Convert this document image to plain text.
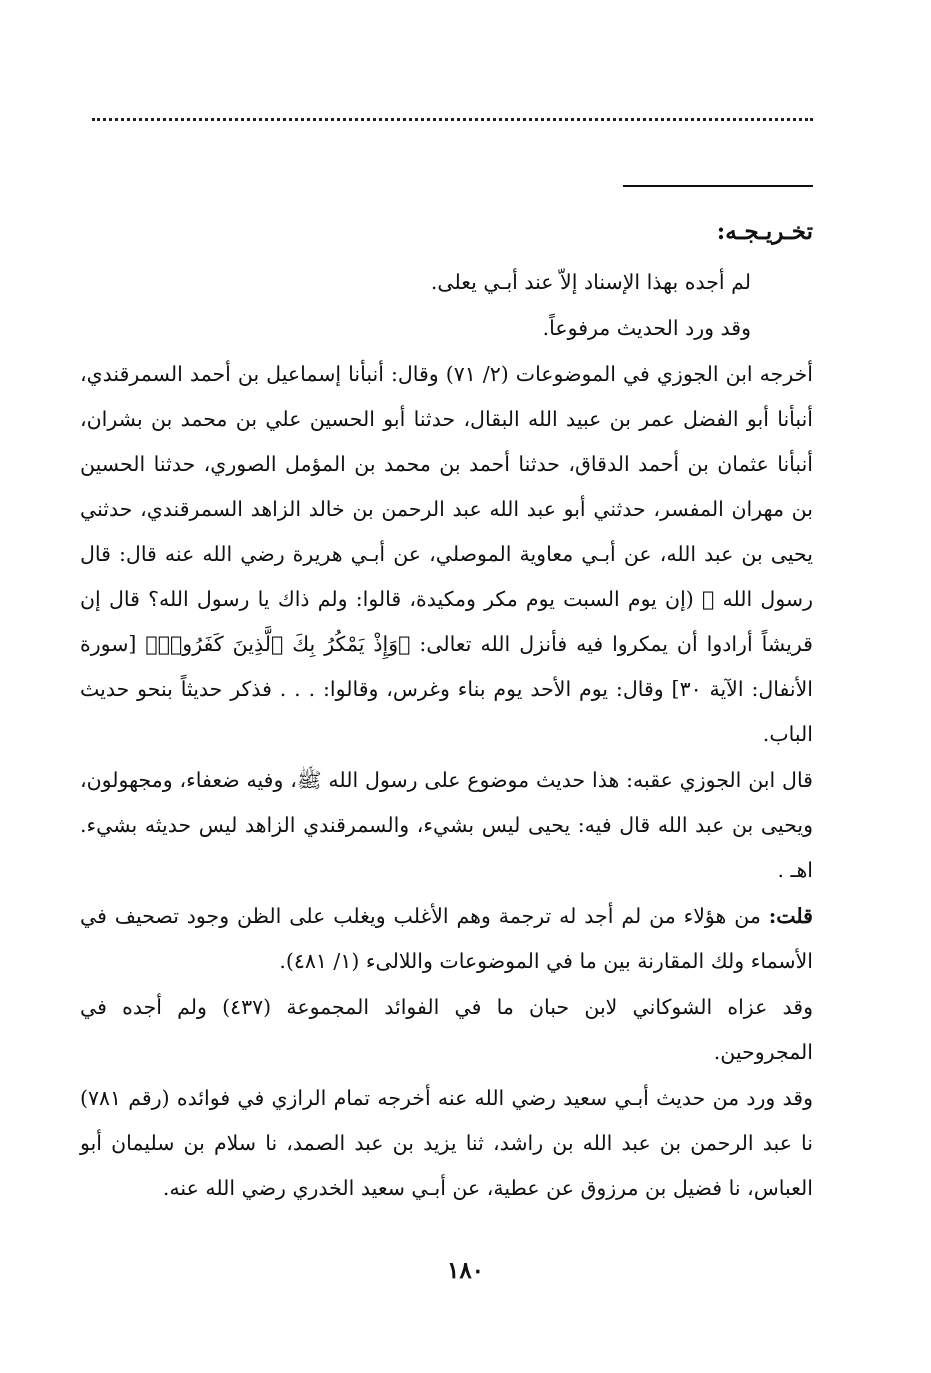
تخـريـجـه:

لم أجده بهذا الإسناد إلاّ عند أبـي يعلى.

وقد ورد الحديث مرفوعاً.

أخرجه ابن الجوزي في الموضوعات (٢/ ٧١) وقال: أنبأنا إسماعيل بن أحمد السمرقندي، أنبأنا أبو الفضل عمر بن عبيد الله البقال، حدثنا أبو الحسين علي بن محمد بن بشران، أنبأنا عثمان بن أحمد الدقاق، حدثنا أحمد بن محمد بن المؤمل الصوري، حدثنا الحسين بن مهران المفسر، حدثني أبو عبد الله عبد الرحمن بن خالد الزاهد السمرقندي، حدثني يحيى بن عبد الله، عن أبـي معاوية الموصلي، عن أبـي هريرة رضي الله عنه قال: قال رسول الله ﷺ (إن يوم السبت يوم مكر ومكيدة، قالوا: ولم ذاك يا رسول الله؟ قال إن قريشاً أرادوا أن يمكروا فيه فأنزل الله تعالى: ﴿وَإِذْ يَمْكُرُ بِكَ ٱلَّذِينَ كَفَرُوا۟﴾ [سورة الأنفال: الآية ٣٠] وقال: يوم الأحد يوم بناء وغرس، وقالوا: . . . فذكر حديثاً بنحو حديث الباب.

قال ابن الجوزي عقبه: هذا حديث موضوع على رسول الله ﷺ، وفيه ضعفاء، ومجهولون، ويحيى بن عبد الله قال فيه: يحيى ليس بشيء، والسمرقندي الزاهد ليس حديثه بشيء. اهـ .

قلت: من هؤلاء من لم أجد له ترجمة وهم الأغلب ويغلب على الظن وجود تصحيف في الأسماء ولك المقارنة بين ما في الموضوعات واللالىء (١/ ٤٨١).

وقد عزاه الشوكاني لابن حبان ما في الفوائد المجموعة (٤٣٧) ولم أجده في المجروحين.

وقد ورد من حديث أبـي سعيد رضي الله عنه أخرجه تمام الرازي في فوائده (رقم ٧٨١) نا عبد الرحمن بن عبد الله بن راشد، ثنا يزيد بن عبد الصمد، نا سلام بن سليمان أبو العباس، نا فضيل بن مرزوق عن عطية، عن أبـي سعيد الخدري رضي الله عنه.

١٨٠
